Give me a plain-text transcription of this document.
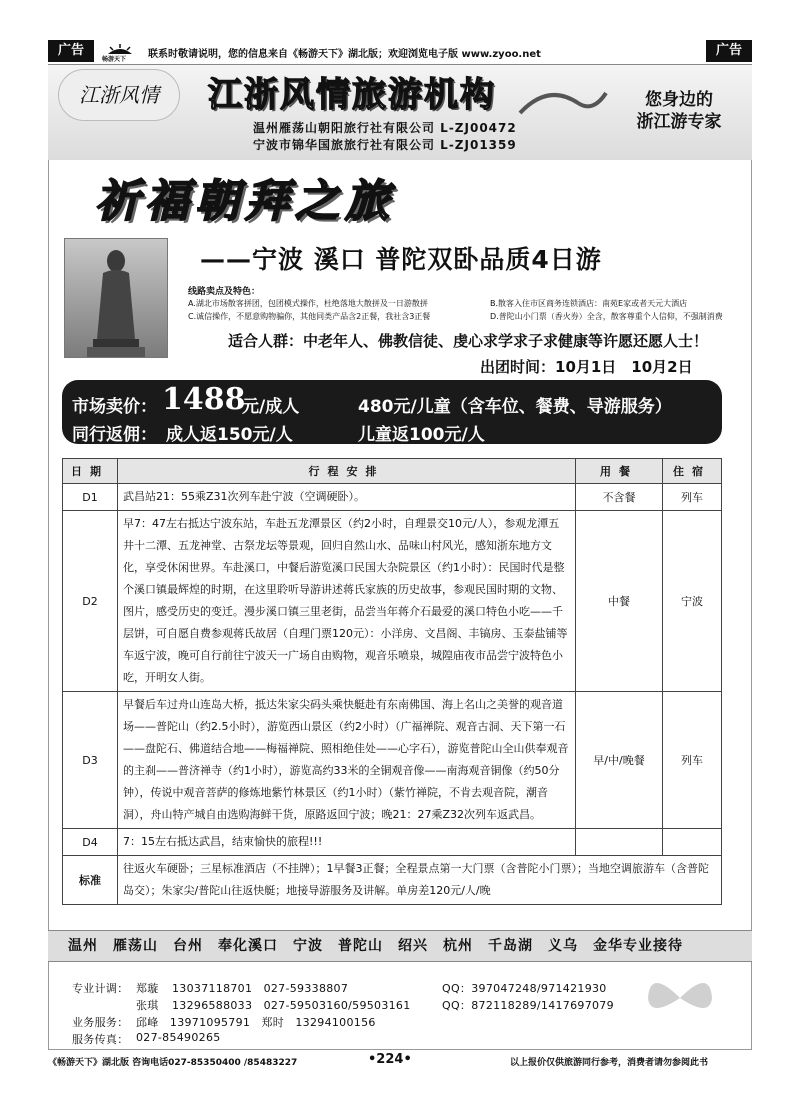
广告
畅游天下 联系时敬请说明，您的信息来自《畅游天下》湖北版；欢迎浏览电子版 www.zyoo.net	广告
江浙风情	江浙风情旅游机构
温州雁荡山朝阳旅行社有限公司 L-ZJ00472
宁波市锦华国旅旅行社有限公司 L-ZJ01359
您身边的
浙江游专家
祈福朝拜之旅
——宁波 溪口 普陀双卧品质4日游
线路卖点及特色：
A.湖北市场散客拼团，包团模式操作，杜绝落地大散拼及一日游散拼	B.散客入住市区商务连锁酒店：南苑E家或者天元大酒店
C.诚信操作，不愿意购物骗你，其他同类产品含2正餐，我社含3正餐	D.普陀山小门票（香火券）全含，散客尊重个人信仰，不强制消费
适合人群：中老年人、佛教信徒、虔心求学求子求健康等许愿还愿人士！
出团时间：10月1日　10月2日
市场卖价： 1488
元/成人	480元/儿童（含车位、餐费、导游服务）
同行返佣： 成人返150元/人	儿童返100元/人
日期	行程安排	用餐	住宿
D1	武昌站21：55乘Z31次列车赴宁波（空调硬卧）。	不含餐	列车
D2	早7：47左右抵达宁波东站，车赴五龙潭景区（约2小时，自理景交10元/人），参观龙潭五井十二潭、五龙神堂、古祭龙坛等景观，回归自然山水、品味山村风光，感知浙东地方文化，享受休闲世界。车赴溪口，中餐后游览溪口民国大杂院景区（约1小时）：民国时代是整个溪口镇最辉煌的时期，在这里聆听导游讲述蒋氏家族的历史故事，参观民国时期的文物、图片，感受历史的变迁。漫步溪口镇三里老街，品尝当年蒋介石最爱的溪口特色小吃——千层饼，可自愿自费参观蒋氏故居（自理门票120元）：小洋房、文昌阁、丰镐房、玉泰盐铺等车返宁波，晚可自行前往宁波天一广场自由购物，观音乐喷泉，城隍庙夜市品尝宁波特色小吃，开明女人街。	中餐	宁波
D3	早餐后车过舟山连岛大桥，抵达朱家尖码头乘快艇赴有东南佛国、海上名山之美誉的观音道场——普陀山（约2.5小时），游览西山景区（约2小时）（广福禅院、观音古洞、天下第一石——盘陀石、佛道结合地——梅福禅院、照相绝佳处——心字石），游览普陀山全山供奉观音的主刹——普济禅寺（约1小时），游览高约33米的全铜观音像——南海观音铜像（约50分钟），传说中观音菩萨的修炼地紫竹林景区（约1小时）（紫竹禅院，不肯去观音院，潮音洞），舟山特产城自由选购海鲜干货，原路返回宁波；晚21：27乘Z32次列车返武昌。	早/中/晚餐	列车
D4	7：15左右抵达武昌，结束愉快的旅程!!!		
标准	往返火车硬卧；三星标准酒店（不挂牌）；1早餐3正餐；全程景点第一大门票（含普陀小门票）；当地空调旅游车（含普陀岛交）；朱家尖/普陀山往返快艇；地接导游服务及讲解。单房差120元/人/晚		
温州　雁荡山　台州　奉化溪口　宁波　普陀山　绍兴　杭州　千岛湖　义乌　金华专业接待
专业计调： 郑璇 13037118701　027-59338807	QQ：397047248/971421930
张琪 13296588033　027-59503160/59503161	QQ：872118289/1417697079
业务服务： 邱峰　13971095791　郑时　13294100156
服务传真： 027-85490265
《畅游天下》湖北版 咨询电话027-85350400 /85483227	•224•	以上报价仅供旅游同行参考，消费者请勿参阅此书
